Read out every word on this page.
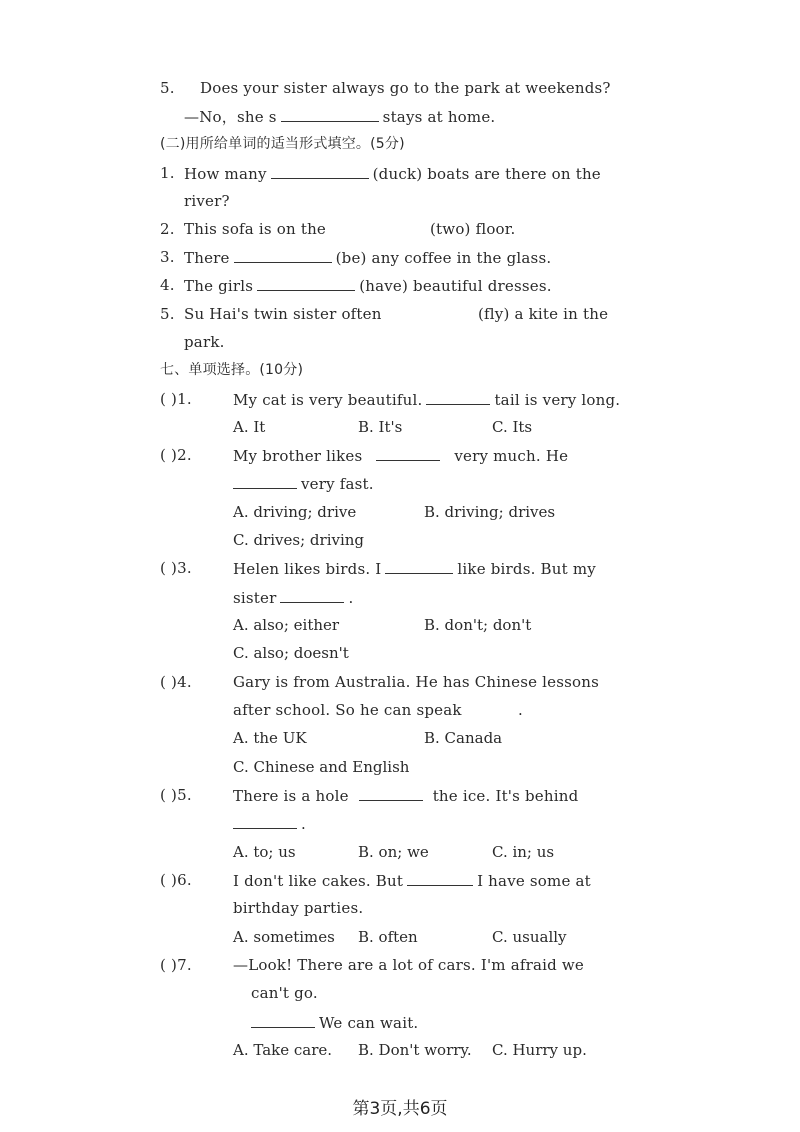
5. Does your sister always go to the park at weekends?
—No，she s	stays at home.
(二)用所给单词的适当形式填空。(5分)
1. How many	(duck) boats are there on the
river?
2. This sofa is on the	(two) floor.
3. There	(be) any coffee in the glass.
4. The girls	(have) beautiful dresses.
5. Su Hai's twin sister often	(fly) a kite in the
park.
七、单项选择。(10分)
( )1.	My cat is very beautiful.	tail is very long.
A. It	B. It's	C. Its
( )2.	My brother likes	very much. He
very fast.
A. driving; drive	B. driving; drives
C. drives; driving
( )3.	Helen likes birds. I	like birds. But my
sister	.
A. also; either	B. don't; don't
C. also; doesn't
( )4.	Gary is from Australia. He has Chinese lessons
after school. So he can speak	.
A. the UK	B. Canada
C. Chinese and English
( )5.	There is a hole	the ice. It's behind
.
A. to; us	B. on; we	C. in; us
( )6.	I don't like cakes. But	I have some at
birthday parties.
A. sometimes B. often	C. usually
( )7.	—Look! There are a lot of cars. I'm afraid we
can't go.
We can wait.
A. Take care. B. Don't worry. C. Hurry up.
第3页,共6页
